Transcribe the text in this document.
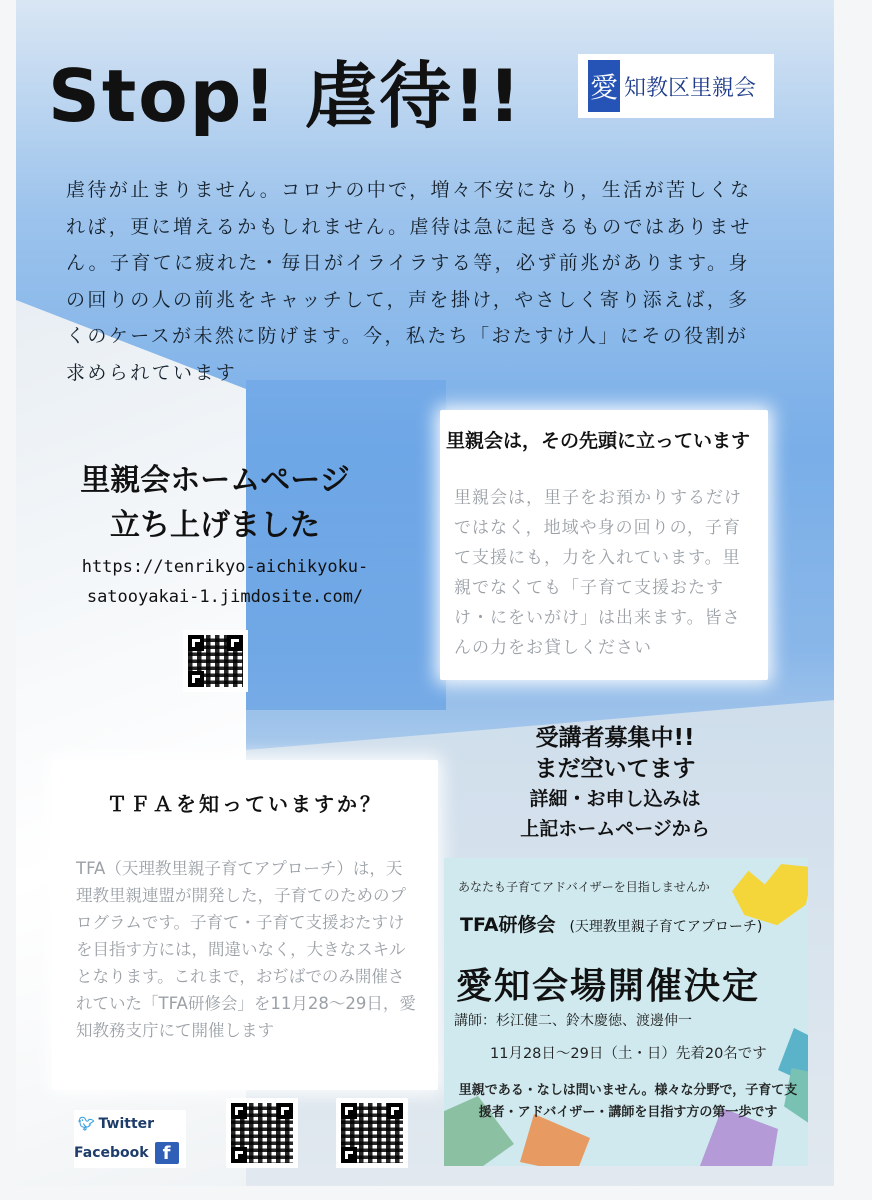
Stop! 虐待!! 愛 知教区里親会

虐待が止まりません。コロナの中で，増々不安になり，生活が苦しくなれば，更に増えるかもしれません。虐待は急に起きるものではありません。子育てに疲れた・毎日がイライラする等，必ず前兆があります。身の回りの人の前兆をキャッチして，声を掛け，やさしく寄り添えば，多くのケースが未然に防げます。今，私たち「おたすけ人」にその役割が求められています

里親会ホームページ
立ち上げました
https://tenrikyo-aichikyoku-
satooyakai-1.jimdosite.com/
里親会は，その先頭に立っています

里親会は，里子をお預かりするだけではなく，地域や身の回りの，子育て支援にも，力を入れています。里親でなくても「子育て支援おたすけ・にをいがけ」は出来ます。皆さんの力をお貸しください

受講者募集中!!
まだ空いてます
詳細・お申し込みは
上記ホームページから
ＴＦＡを知っていますか？

TFA（天理教里親子育てアプローチ）は，天理教里親連盟が開発した，子育てのためのプログラムです。子育て・子育て支援おたすけを目指す方には，間違いなく，大きなスキルとなります。これまで，おぢばでのみ開催されていた「TFA研修会」を11月28～29日，愛知教務支庁にて開催します

あなたも子育てアドバイザーを目指しませんか
TFA研修会 (天理教里親子育てアプローチ)
愛知会場開催決定
講師：杉江健二、鈴木慶徳、渡邊伸一
11月28日～29日（土・日）先着20名です
里親である・なしは問いません。様々な分野で，子育て支援者・アドバイザー・講師を目指す方の第一歩です
🐦︎ Twitter
Facebook f
